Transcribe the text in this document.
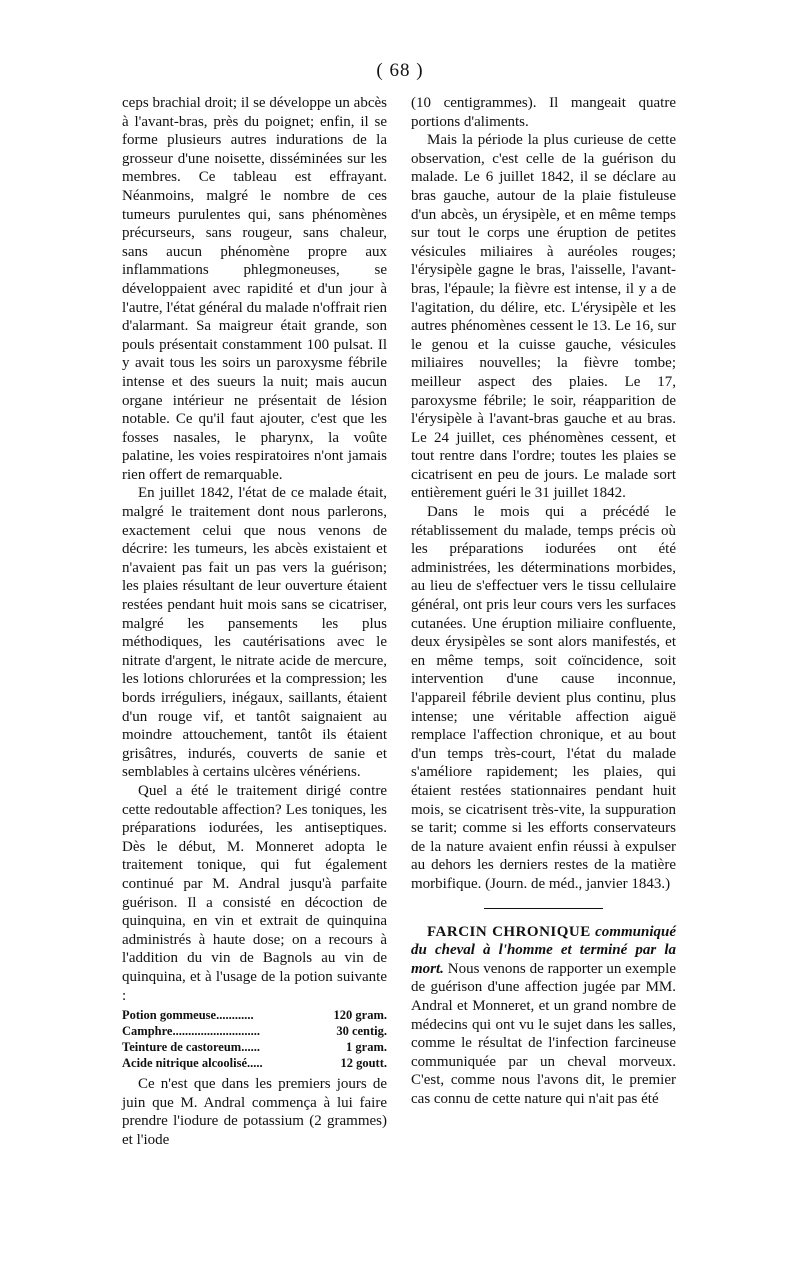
( 68 )

ceps brachial droit; il se développe un abcès à l'avant-bras, près du poignet; enfin, il se forme plusieurs autres indurations de la grosseur d'une noisette, disséminées sur les membres. Ce tableau est effrayant. Néanmoins, malgré le nombre de ces tumeurs purulentes qui, sans phénomènes précurseurs, sans rougeur, sans chaleur, sans aucun phénomène propre aux inflammations phlegmoneuses, se développaient avec rapidité et d'un jour à l'autre, l'état général du malade n'offrait rien d'alarmant. Sa maigreur était grande, son pouls présentait constamment 100 pulsat. Il y avait tous les soirs un paroxysme fébrile intense et des sueurs la nuit; mais aucun organe intérieur ne présentait de lésion notable. Ce qu'il faut ajouter, c'est que les fosses nasales, le pharynx, la voûte palatine, les voies respiratoires n'ont jamais rien offert de remarquable.

En juillet 1842, l'état de ce malade était, malgré le traitement dont nous parlerons, exactement celui que nous venons de décrire: les tumeurs, les abcès existaient et n'avaient pas fait un pas vers la guérison; les plaies résultant de leur ouverture étaient restées pendant huit mois sans se cicatriser, malgré les pansements les plus méthodiques, les cautérisations avec le nitrate d'argent, le nitrate acide de mercure, les lotions chlorurées et la compression; les bords irréguliers, inégaux, saillants, étaient d'un rouge vif, et tantôt saignaient au moindre attouchement, tantôt ils étaient grisâtres, indurés, couverts de sanie et semblables à certains ulcères vénériens.

Quel a été le traitement dirigé contre cette redoutable affection? Les toniques, les préparations iodurées, les antiseptiques. Dès le début, M. Monneret adopta le traitement tonique, qui fut également continué par M. Andral jusqu'à parfaite guérison. Il a consisté en décoction de quinquina, en vin et extrait de quinquina administrés à haute dose; on a recours à l'addition du vin de Bagnols au vin de quinquina, et à l'usage de la potion suivante :

Potion gommeuse............	120 gram.
Camphre............................	30 centig.
Teinture de castoreum......	1 gram.
Acide nitrique alcoolisé.....	12 goutt.

Ce n'est que dans les premiers jours de juin que M. Andral commença à lui faire prendre l'iodure de potassium (2 grammes) et l'iode

(10 centigrammes). Il mangeait quatre portions d'aliments.

Mais la période la plus curieuse de cette observation, c'est celle de la guérison du malade. Le 6 juillet 1842, il se déclare au bras gauche, autour de la plaie fistuleuse d'un abcès, un érysipèle, et en même temps sur tout le corps une éruption de petites vésicules miliaires à auréoles rouges; l'érysipèle gagne le bras, l'aisselle, l'avant-bras, l'épaule; la fièvre est intense, il y a de l'agitation, du délire, etc. L'érysipèle et les autres phénomènes cessent le 13. Le 16, sur le genou et la cuisse gauche, vésicules miliaires nouvelles; la fièvre tombe; meilleur aspect des plaies. Le 17, paroxysme fébrile; le soir, réapparition de l'érysipèle à l'avant-bras gauche et au bras. Le 24 juillet, ces phénomènes cessent, et tout rentre dans l'ordre; toutes les plaies se cicatrisent en peu de jours. Le malade sort entièrement guéri le 31 juillet 1842.

Dans le mois qui a précédé le rétablissement du malade, temps précis où les préparations iodurées ont été administrées, les déterminations morbides, au lieu de s'effectuer vers le tissu cellulaire général, ont pris leur cours vers les surfaces cutanées. Une éruption miliaire confluente, deux érysipèles se sont alors manifestés, et en même temps, soit coïncidence, soit intervention d'une cause inconnue, l'appareil fébrile devient plus continu, plus intense; une véritable affection aiguë remplace l'affection chronique, et au bout d'un temps très-court, l'état du malade s'améliore rapidement; les plaies, qui étaient restées stationnaires pendant huit mois, se cicatrisent très-vite, la suppuration se tarit; comme si les efforts conservateurs de la nature avaient enfin réussi à expulser au dehors les derniers restes de la matière morbifique. (Journ. de méd., janvier 1843.)

FARCIN CHRONIQUE communiqué du cheval à l'homme et terminé par la mort. Nous venons de rapporter un exemple de guérison d'une affection jugée par MM. Andral et Monneret, et un grand nombre de médecins qui ont vu le sujet dans les salles, comme le résultat de l'infection farcineuse communiquée par un cheval morveux. C'est, comme nous l'avons dit, le premier cas connu de cette nature qui n'ait pas été
